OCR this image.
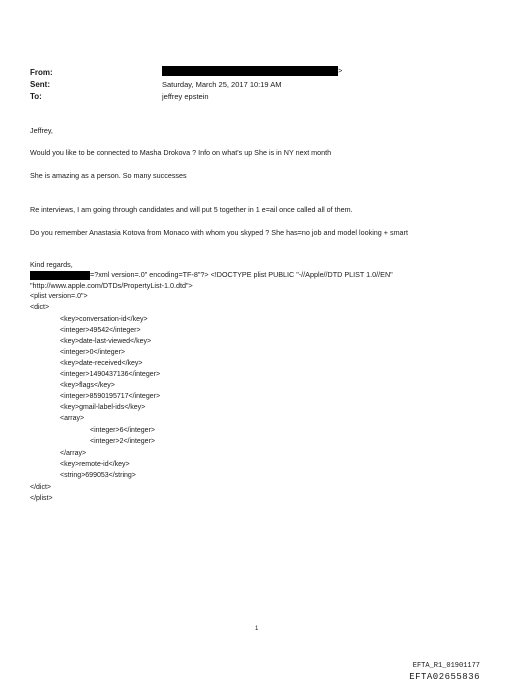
From:	>
Sent:	Saturday, March 25, 2017 10:19 AM
To:	jeffrey epstein
Jeffrey,
Would you like to be connected to Masha Drokova ? Info on what's up She is in NY next month
She is amazing as a person. So many successes
Re interviews, I am going through candidates and will put 5 together in 1 e=ail once called all of them.
Do you remember Anastasia Kotova from Monaco with whom you skyped ? She has=no job and model looking + smart
Kind regards,
=?xml version=.0" encoding=TF-8"?> <!DOCTYPE plist PUBLIC "-//Apple//DTD PLIST 1.0//EN"
"http://www.apple.com/DTDs/PropertyList-1.0.dtd">
<plist version=.0">
<dict>
<key>conversation-id</key>
<integer>49542</integer>
<key>date-last-viewed</key>
<integer>0</integer>
<key>date-received</key>
<integer>1490437136</integer>
<key>flags</key>
<integer>8590195717</integer>
<key>gmail-label-ids</key>
<array>
<integer>6</integer>
<integer>2</integer>
</array>
<key>remote-id</key>
<string>699053</string>
</dict>
</plist>
1
EFTA_R1_01901177
EFTA02655836
